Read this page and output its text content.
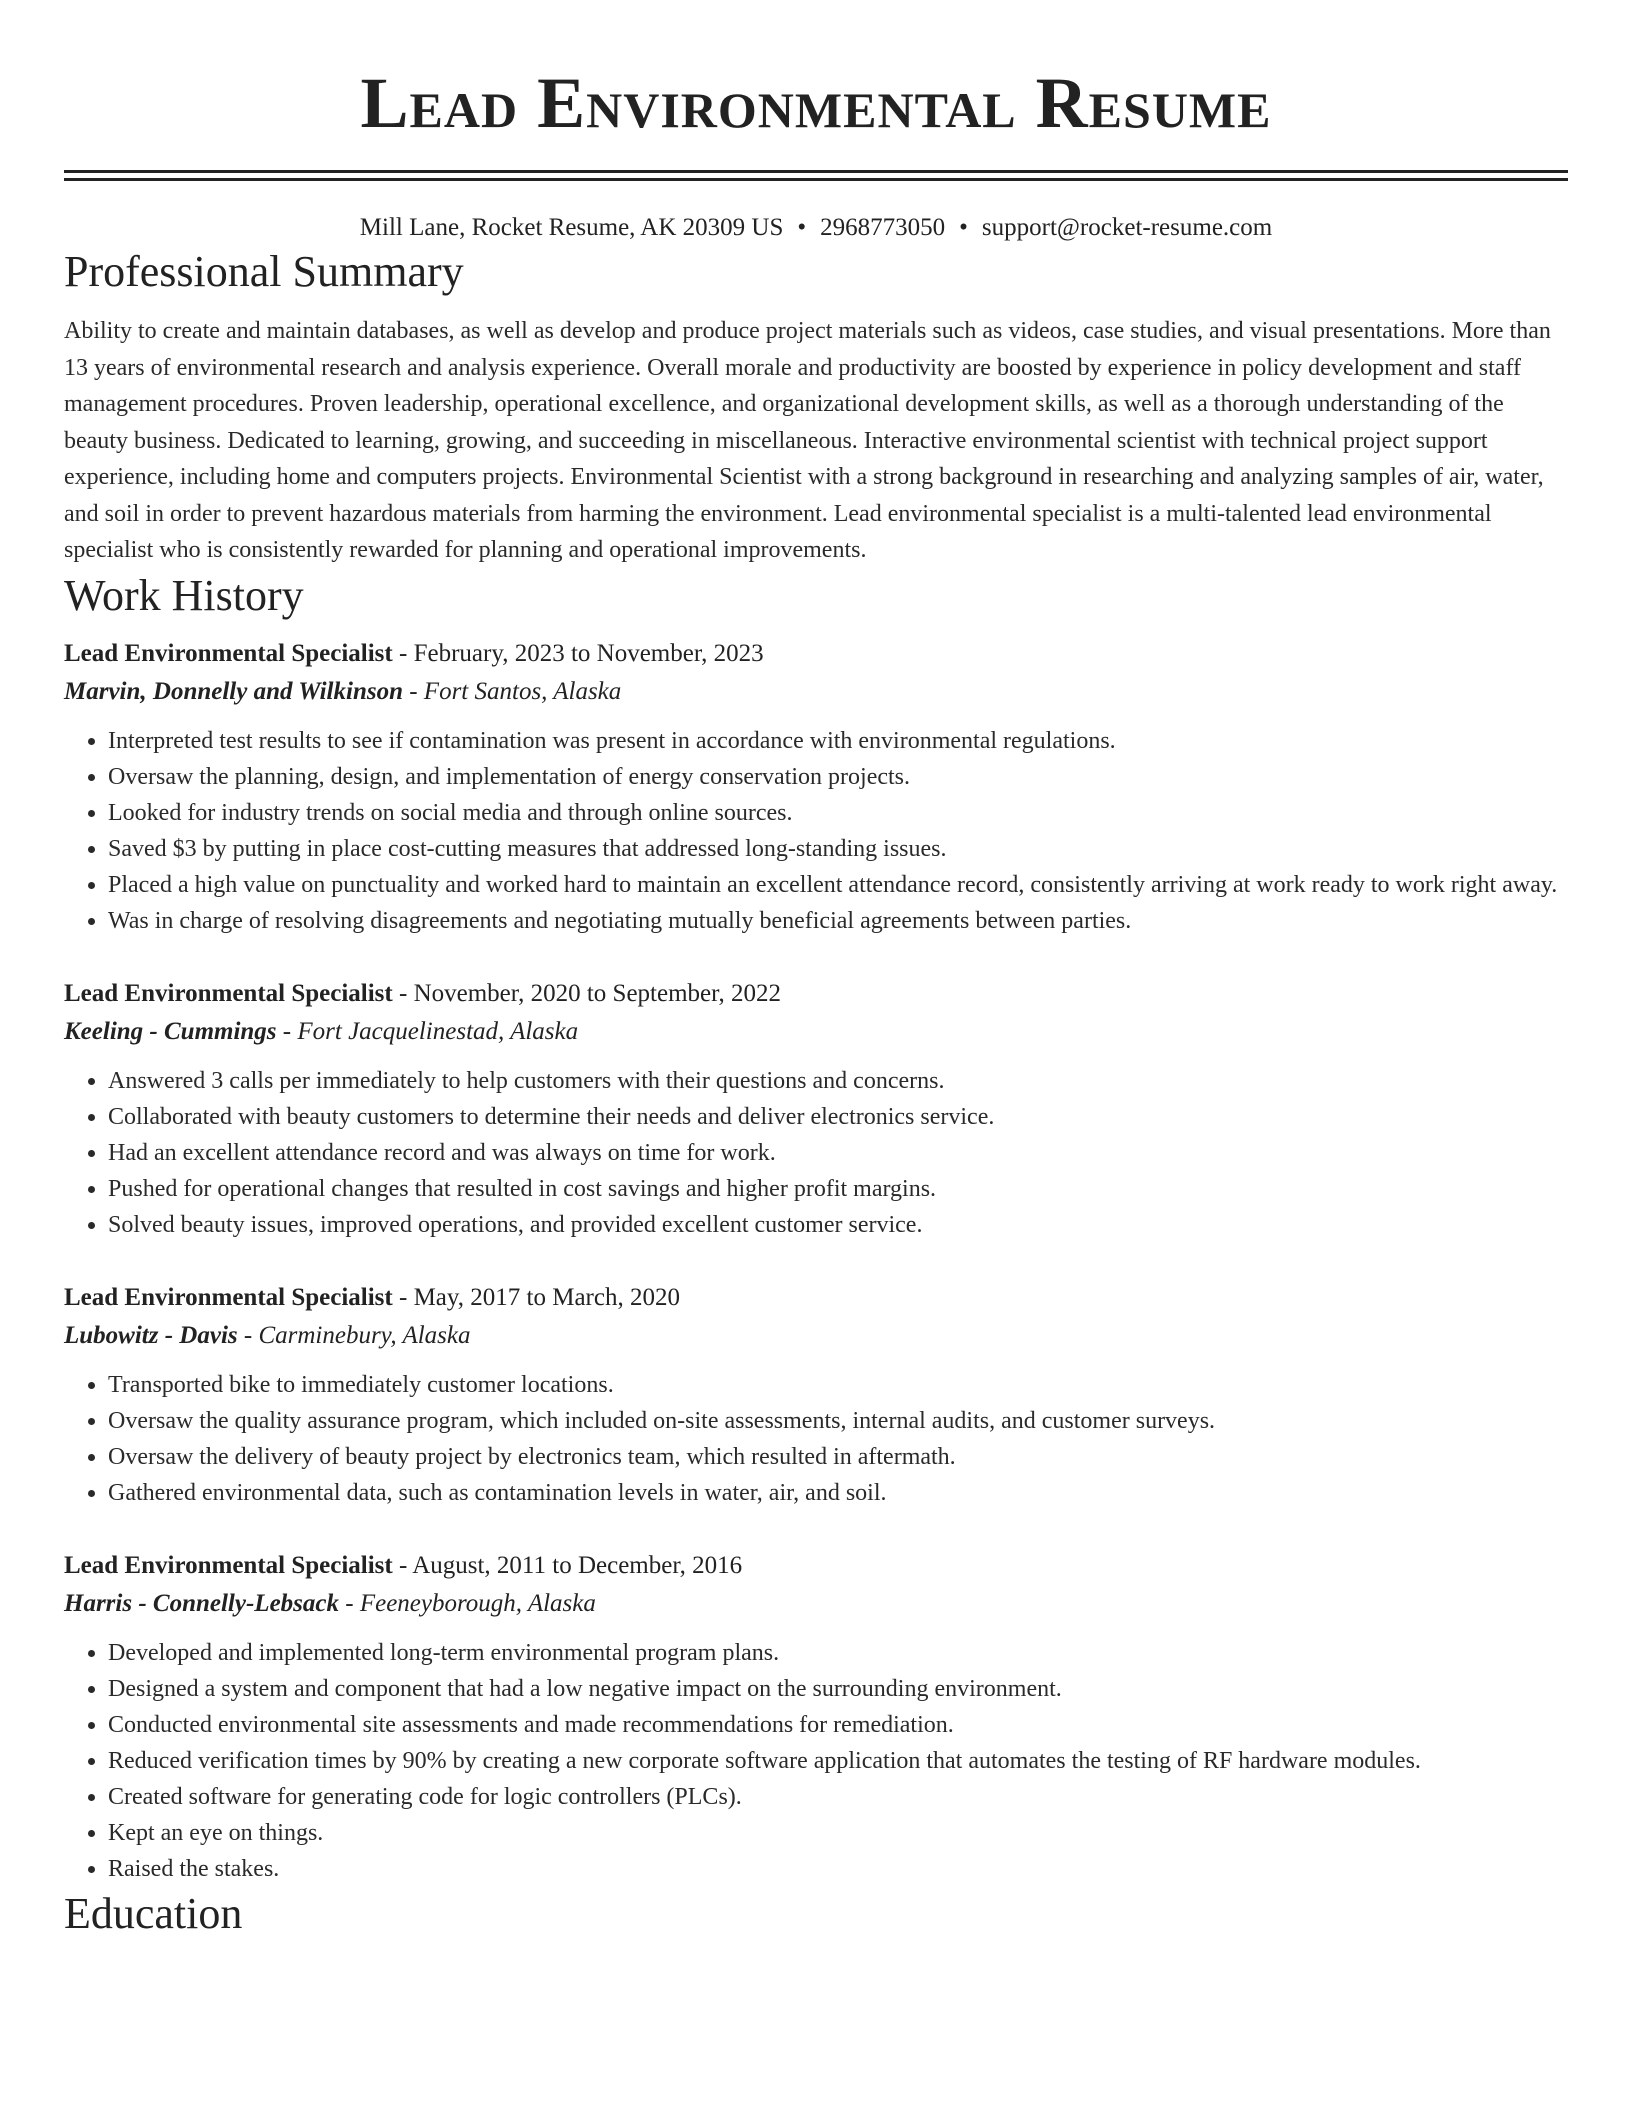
Lead Environmental Resume
Mill Lane, Rocket Resume, AK 20309 US • 2968773050 • support@rocket-resume.com
Professional Summary

Ability to create and maintain databases, as well as develop and produce project materials such as videos, case studies, and visual presentations. More than 13 years of environmental research and analysis experience. Overall morale and productivity are boosted by experience in policy development and staff management procedures. Proven leadership, operational excellence, and organizational development skills, as well as a thorough understanding of the beauty business. Dedicated to learning, growing, and succeeding in miscellaneous. Interactive environmental scientist with technical project support experience, including home and computers projects. Environmental Scientist with a strong background in researching and analyzing samples of air, water, and soil in order to prevent hazardous materials from harming the environment. Lead environmental specialist is a multi-talented lead environmental specialist who is consistently rewarded for planning and operational improvements.

Work History
Lead Environmental Specialist - February, 2023 to November, 2023
Marvin, Donnelly and Wilkinson - Fort Santos, Alaska
• Interpreted test results to see if contamination was present in accordance with environmental regulations.
• Oversaw the planning, design, and implementation of energy conservation projects.
• Looked for industry trends on social media and through online sources.
• Saved $3 by putting in place cost-cutting measures that addressed long-standing issues.
• Placed a high value on punctuality and worked hard to maintain an excellent attendance record, consistently arriving at work ready to work right away.
• Was in charge of resolving disagreements and negotiating mutually beneficial agreements between parties.
Lead Environmental Specialist - November, 2020 to September, 2022
Keeling - Cummings - Fort Jacquelinestad, Alaska
• Answered 3 calls per immediately to help customers with their questions and concerns.
• Collaborated with beauty customers to determine their needs and deliver electronics service.
• Had an excellent attendance record and was always on time for work.
• Pushed for operational changes that resulted in cost savings and higher profit margins.
• Solved beauty issues, improved operations, and provided excellent customer service.
Lead Environmental Specialist - May, 2017 to March, 2020
Lubowitz - Davis - Carminebury, Alaska
• Transported bike to immediately customer locations.
• Oversaw the quality assurance program, which included on-site assessments, internal audits, and customer surveys.
• Oversaw the delivery of beauty project by electronics team, which resulted in aftermath.
• Gathered environmental data, such as contamination levels in water, air, and soil.
Lead Environmental Specialist - August, 2011 to December, 2016
Harris - Connelly-Lebsack - Feeneyborough, Alaska
• Developed and implemented long-term environmental program plans.
• Designed a system and component that had a low negative impact on the surrounding environment.
• Conducted environmental site assessments and made recommendations for remediation.
• Reduced verification times by 90% by creating a new corporate software application that automates the testing of RF hardware modules.
• Created software for generating code for logic controllers (PLCs).
• Kept an eye on things.
• Raised the stakes.
Education
